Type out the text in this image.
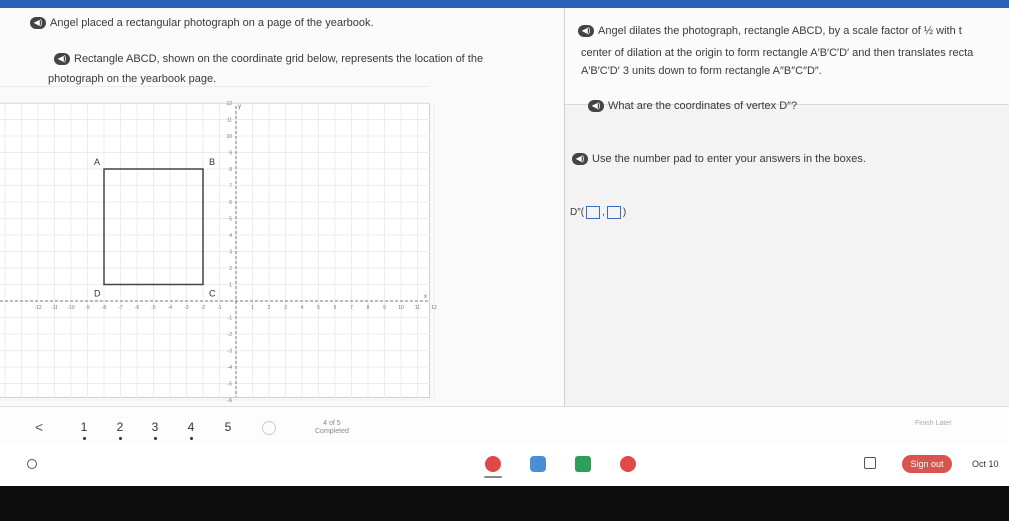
◀) Angel placed a rectangular photograph on a page of the yearbook.
◀) Rectangle ABCD, shown on the coordinate grid below, represents the location of the
photograph on the yearbook page.
◀) Angel dilates the photograph, rectangle ABCD, by a scale factor of ½ with t
center of dilation at the origin to form rectangle A′B′C′D′ and then translates recta
A′B′C′D′ 3 units down to form rectangle A″B″C″D″.
◀) What are the coordinates of vertex D″?
◀) Use the number pad to enter your answers in the boxes.
D″( , )
y
x
-12 -11 -10 -9 -8 -7 -6 -5 -4 -3 -2 -1	1	2	3	4	5	6	7	8	9 10 11 12
12
11
10
9
8
7
6
5
4
3
2
1
-1
-2
-3
-4
-5
-6
A	B
C
D
<	1 2 3 4	5	4 of 5
Completed
Finish Later
Sign out	Oct 10
